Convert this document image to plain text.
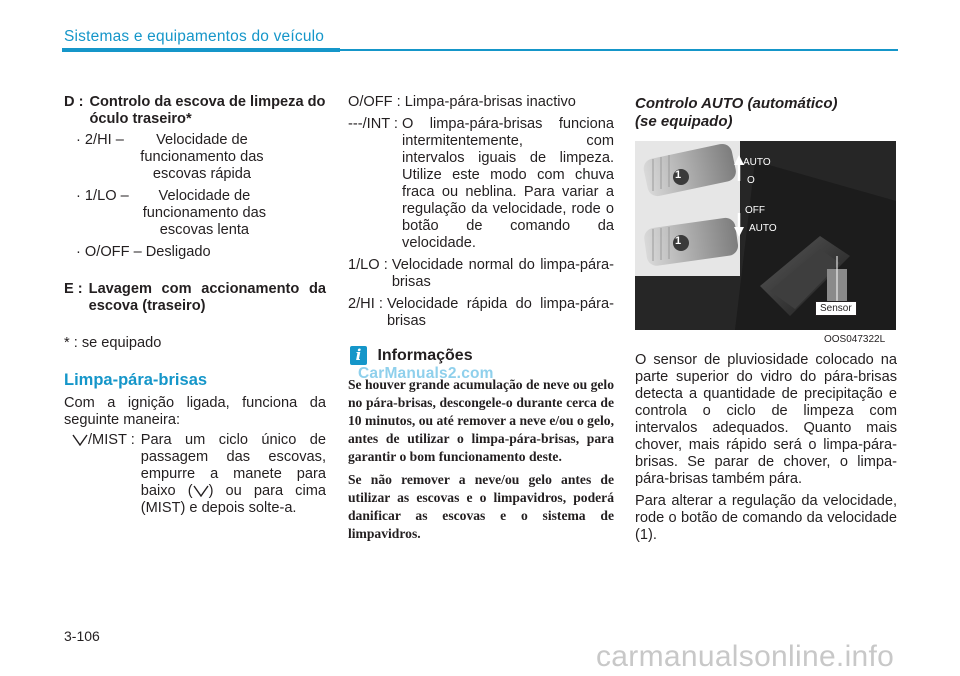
Sistemas e equipamentos do veículo
D : Controlo da escova de limpeza do óculo traseiro*
· 2/HI –	Velocidade de funcionamento das escovas rápida
· 1/LO –	Velocidade de funcionamento das escovas lenta
· O/OFF – Desligado
E : Lavagem com accionamento da escova (traseiro)
* : se equipado
Limpa-pára-brisas
Com a ignição ligada, funciona da seguinte maneira:
/MIST : Para um ciclo único de passagem das escovas, empurre a manete para baixo ( ) ou para cima (MIST) e depois solte-a.
O/OFF : Limpa-pára-brisas inactivo
---/INT : O limpa-pára-brisas funciona intermitentemente, com intervalos iguais de limpeza. Utilize este modo com chuva fraca ou neblina. Para variar a regulação da velocidade, rode o botão de comando da velocidade.
1/LO : Velocidade normal do limpa-pára-brisas
2/HI : Velocidade rápida do limpa-pára-brisas
i Informações CarManuals2.com
Se houver grande acumulação de neve ou gelo no pára-brisas, descongele-o durante cerca de 10 minutos, ou até remover a neve e/ou o gelo, antes de utilizar o limpa-pára-brisas, para garantir o bom funcionamento deste.
Se não remover a neve/ou gelo antes de utilizar as escovas e o limpavidros, poderá danificar as escovas e o sistema de limpavidros.
Controlo AUTO (automático)
(se equipado)
AUTO
O
OFF
AUTO
Sensor
1
1
OOS047322L
O sensor de pluviosidade colocado na parte superior do vidro do pára-brisas detecta a quantidade de precipitação e controla o ciclo de limpeza com intervalos adequados. Quanto mais chover, mais rápido será o limpa-pára-brisas. Se parar de chover, o limpa-pára-brisas também pára.
Para alterar a regulação da velocidade, rode o botão de comando da velocidade (1).
3-106
carmanualsonline.info
